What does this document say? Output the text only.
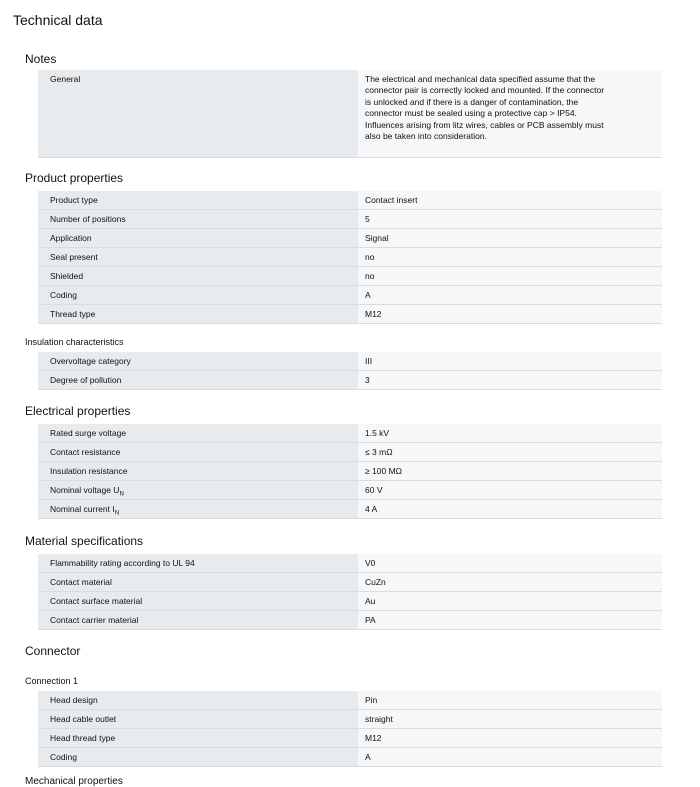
Technical data
Notes
General	The electrical and mechanical data specified assume that the
connector pair is correctly locked and mounted. If the connector
is unlocked and if there is a danger of contamination, the
connector must be sealed using a protective cap > IP54.
Influences arising from litz wires, cables or PCB assembly must
also be taken into consideration.
Product properties
Product type	Contact insert
Number of positions	5
Application	Signal
Seal present	no
Shielded	no
Coding	A
Thread type	M12
Insulation characteristics
Overvoltage category	III
Degree of pollution	3
Electrical properties
Rated surge voltage	1.5 kV
Contact resistance	≤ 3 mΩ
Insulation resistance	≥ 100 MΩ
Nominal voltage $U_N$	60 V
Nominal current $I_N$	4 A
Material specifications
Flammability rating according to UL 94	V0
Contact material	CuZn
Contact surface material	Au
Contact carrier material	PA
Connector
Connection 1
Head design	Pin
Head cable outlet	straight
Head thread type	M12
Coding	A
Mechanical properties
